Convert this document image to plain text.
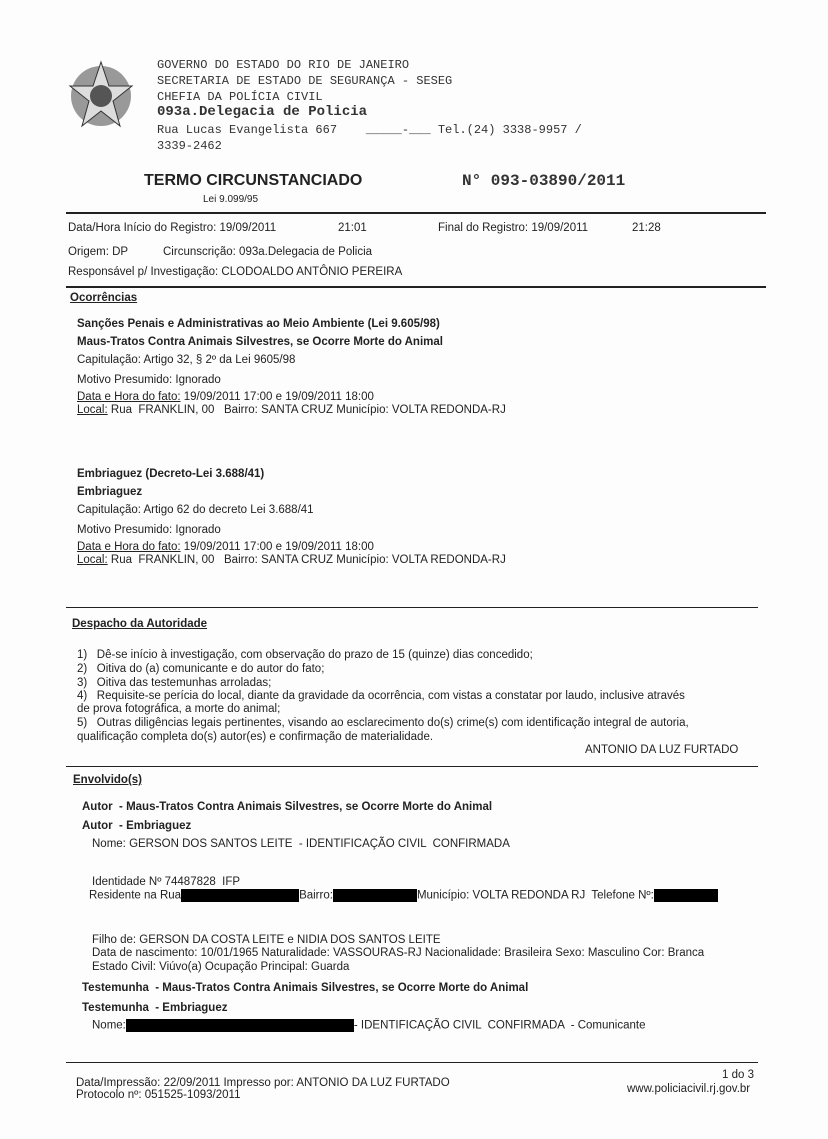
GOVERNO DO ESTADO DO RIO DE JANEIRO
SECRETARIA DE ESTADO DE SEGURANÇA - SESEG
CHEFIA DA POLÍCIA CIVIL
093a.Delegacia de Policia
Rua Lucas Evangelista 667    _____-___ Tel.(24) 3338-9957 /
3339-2462
TERMO CIRCUNSTANCIADO	N° 093-03890/2011
Lei 9.099/95
Data/Hora Início do Registro: 19/09/2011	21:01	Final do Registro: 19/09/2011	21:28
Origem: DP	Circunscrição: 093a.Delegacia de Policia
Responsável p/ Investigação: CLODOALDO ANTÔNIO PEREIRA
Ocorrências
Sanções Penais e Administrativas ao Meio Ambiente (Lei 9.605/98)
Maus-Tratos Contra Animais Silvestres, se Ocorre Morte do Animal
Capitulação: Artigo 32, § 2º da Lei 9605/98
Motivo Presumido: Ignorado
Data e Hora do fato: 19/09/2011 17:00 e 19/09/2011 18:00
Local: Rua  FRANKLIN, 00   Bairro: SANTA CRUZ Município: VOLTA REDONDA-RJ
Embriaguez (Decreto-Lei 3.688/41)
Embriaguez
Capitulação: Artigo 62 do decreto Lei 3.688/41
Motivo Presumido: Ignorado
Data e Hora do fato: 19/09/2011 17:00 e 19/09/2011 18:00
Local: Rua  FRANKLIN, 00   Bairro: SANTA CRUZ Município: VOLTA REDONDA-RJ
Despacho da Autoridade
1)   Dê-se início à investigação, com observação do prazo de 15 (quinze) dias concedido;
2)   Oitiva do (a) comunicante e do autor do fato;
3)   Oitiva das testemunhas arroladas;
4)   Requisite-se perícia do local, diante da gravidade da ocorrência, com vistas a constatar por laudo, inclusive através
de prova fotográfica, a morte do animal;
5)   Outras diligências legais pertinentes, visando ao esclarecimento do(s) crime(s) com identificação integral de autoria,
qualificação completa do(s) autor(es) e confirmação de materialidade.
ANTONIO DA LUZ FURTADO
Envolvido(s)
Autor  - Maus-Tratos Contra Animais Silvestres, se Ocorre Morte do Animal
Autor  - Embriaguez
Nome: GERSON DOS SANTOS LEITE  - IDENTIFICAÇÃO CIVIL  CONFIRMADA
Identidade Nº 74487828  IFP
Residente na Rua	Bairro:	Município: VOLTA REDONDA RJ  Telefone Nº:
Filho de: GERSON DA COSTA LEITE e NIDIA DOS SANTOS LEITE
Data de nascimento: 10/01/1965 Naturalidade: VASSOURAS-RJ Nacionalidade: Brasileira Sexo: Masculino Cor: Branca
Estado Civil: Viúvo(a) Ocupação Principal: Guarda
Testemunha  - Maus-Tratos Contra Animais Silvestres, se Ocorre Morte do Animal
Testemunha  - Embriaguez
Nome:	- IDENTIFICAÇÃO CIVIL  CONFIRMADA  - Comunicante
Data/Impressão: 22/09/2011 Impresso por: ANTONIO DA LUZ FURTADO
Protocolo nº: 051525-1093/2011
1 do 3
www.policiacivil.rj.gov.br
